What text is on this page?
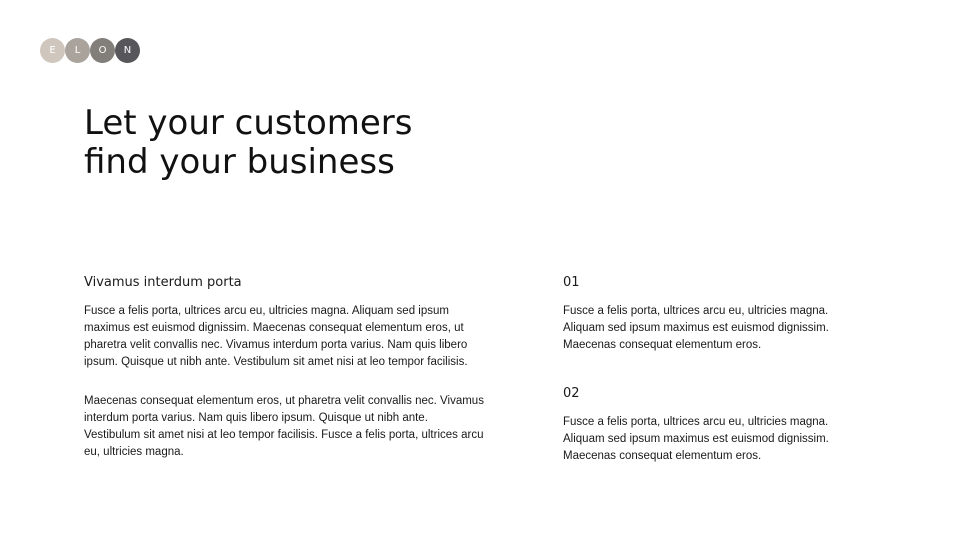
E	L	O	N
Let your customers
find your business
Vivamus interdum porta

Fusce a felis porta, ultrices arcu eu, ultricies magna. Aliquam sed ipsum maximus est euismod dignissim. Maecenas consequat elementum eros, ut pharetra velit convallis nec. Vivamus interdum porta varius. Nam quis libero ipsum. Quisque ut nibh ante. Vestibulum sit amet nisi at leo tempor facilisis.

Maecenas consequat elementum eros, ut pharetra velit convallis nec. Vivamus interdum porta varius. Nam quis libero ipsum. Quisque ut nibh ante. Vestibulum sit amet nisi at leo tempor facilisis. Fusce a felis porta, ultrices arcu eu, ultricies magna.

01

Fusce a felis porta, ultrices arcu eu, ultricies magna. Aliquam sed ipsum maximus est euismod dignissim. Maecenas consequat elementum eros.

02

Fusce a felis porta, ultrices arcu eu, ultricies magna. Aliquam sed ipsum maximus est euismod dignissim. Maecenas consequat elementum eros.
